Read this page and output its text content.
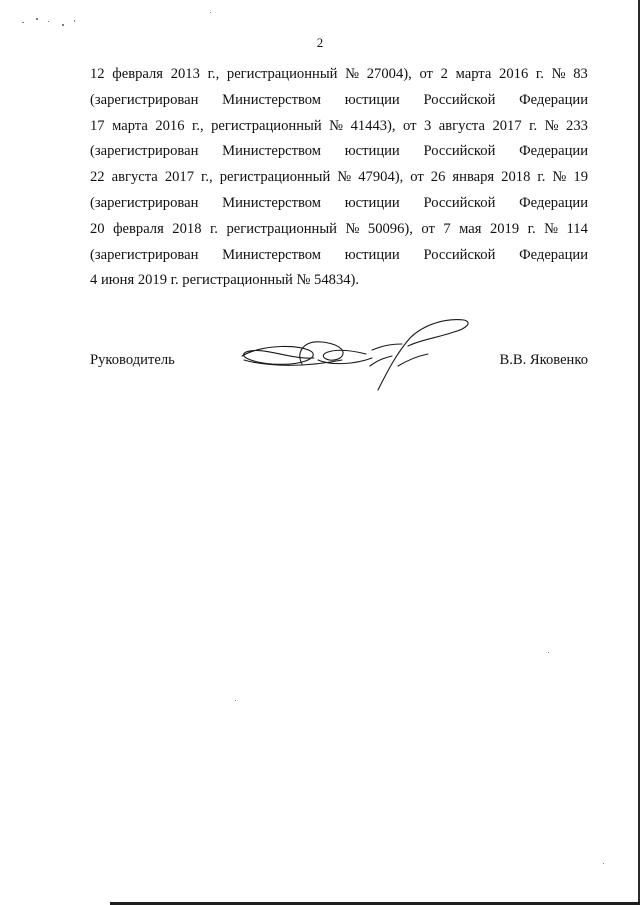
2
12 февраля 2013 г., регистрационный № 27004), от 2 марта 2016 г. № 83
(зарегистрирован Министерством юстиции Российской Федерации
17 марта 2016 г., регистрационный № 41443), от 3 августа 2017 г. № 233
(зарегистрирован Министерством юстиции Российской Федерации
22 августа 2017 г., регистрационный № 47904), от 26 января 2018 г. № 19
(зарегистрирован Министерством юстиции Российской Федерации
20 февраля 2018 г. регистрационный № 50096), от 7 мая 2019 г. № 114
(зарегистрирован Министерством юстиции Российской Федерации
4 июня 2019 г. регистрационный № 54834).
Руководитель	В.В. Яковенко
